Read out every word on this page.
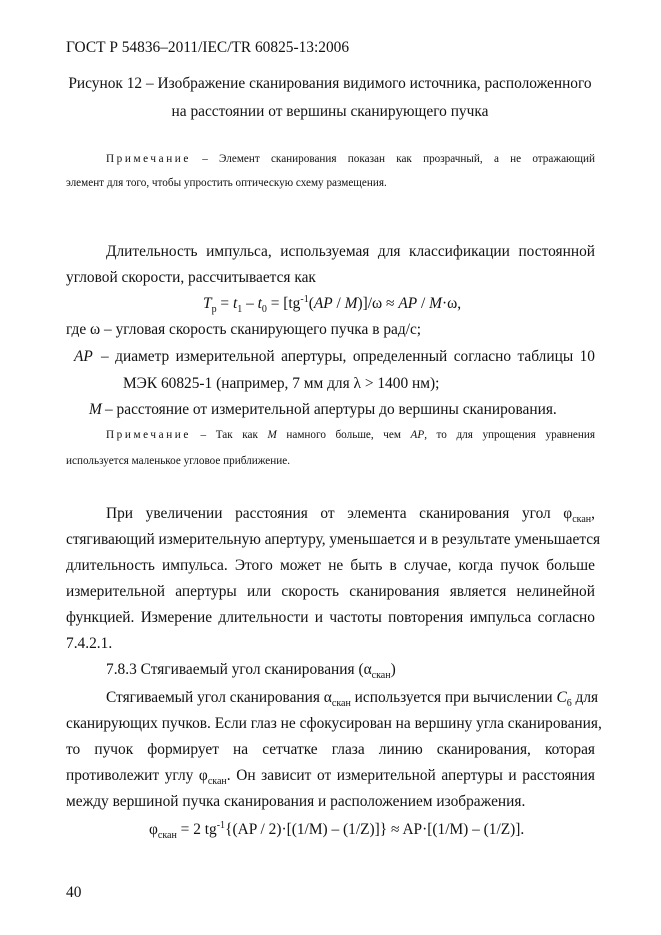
ГОСТ Р 54836–2011/IEC/TR 60825-13:2006
Рисунок 12 – Изображение сканирования видимого источника, расположенного
на расстоянии от вершины сканирующего пучка
Примечание – Элемент сканирования показан как прозрачный, а не отражающий
элемент для того, чтобы упростить оптическую схему размещения.
Длительность импульса, используемая для классификации постоянной
угловой скорости, рассчитывается как
$T_р = t_1 - t_0 = [tg^{-1}(AP / M)]/\omega$ ≈ AP / M·ω,
где ω – угловая скорость сканирующего пучка в рад/с;
AP – диаметр измерительной апертуры, определенный согласно таблицы 10
МЭК 60825-1 (например, 7 мм для λ > 1400 нм);
M – расстояние от измерительной апертуры до вершины сканирования.
Примечание – Так как M намного больше, чем AP, то для упрощения уравнения
используется маленькое угловое приближение.
При увеличении расстояния от элемента сканирования угол $\varphi_{скан}$,
стягивающий измерительную апертуру, уменьшается и в результате уменьшается
длительность импульса. Этого может не быть в случае, когда пучок больше
измерительной апертуры или скорость сканирования является нелинейной
функцией. Измерение длительности и частоты повторения импульса согласно
7.4.2.1.
7.8.3 Стягиваемый угол сканирования $(\alpha_{скан})$
Стягиваемый угол сканирования $\alpha_{скан}$ используется при вычислении $C_6$ для
сканирующих пучков. Если глаз не сфокусирован на вершину угла сканирования,
то пучок формирует на сетчатке глаза линию сканирования, которая
противолежит углу $\varphi_{скан}$. Он зависит от измерительной апертуры и расстояния
между вершиной пучка сканирования и расположением изображения.
$\varphi_{скан} = 2$ $tg^{-1}\{(AP / 2)\cdot[(1/M) - (1/Z)]\} \approx AP\cdot[(1/M) - (1/Z)]$.
40
